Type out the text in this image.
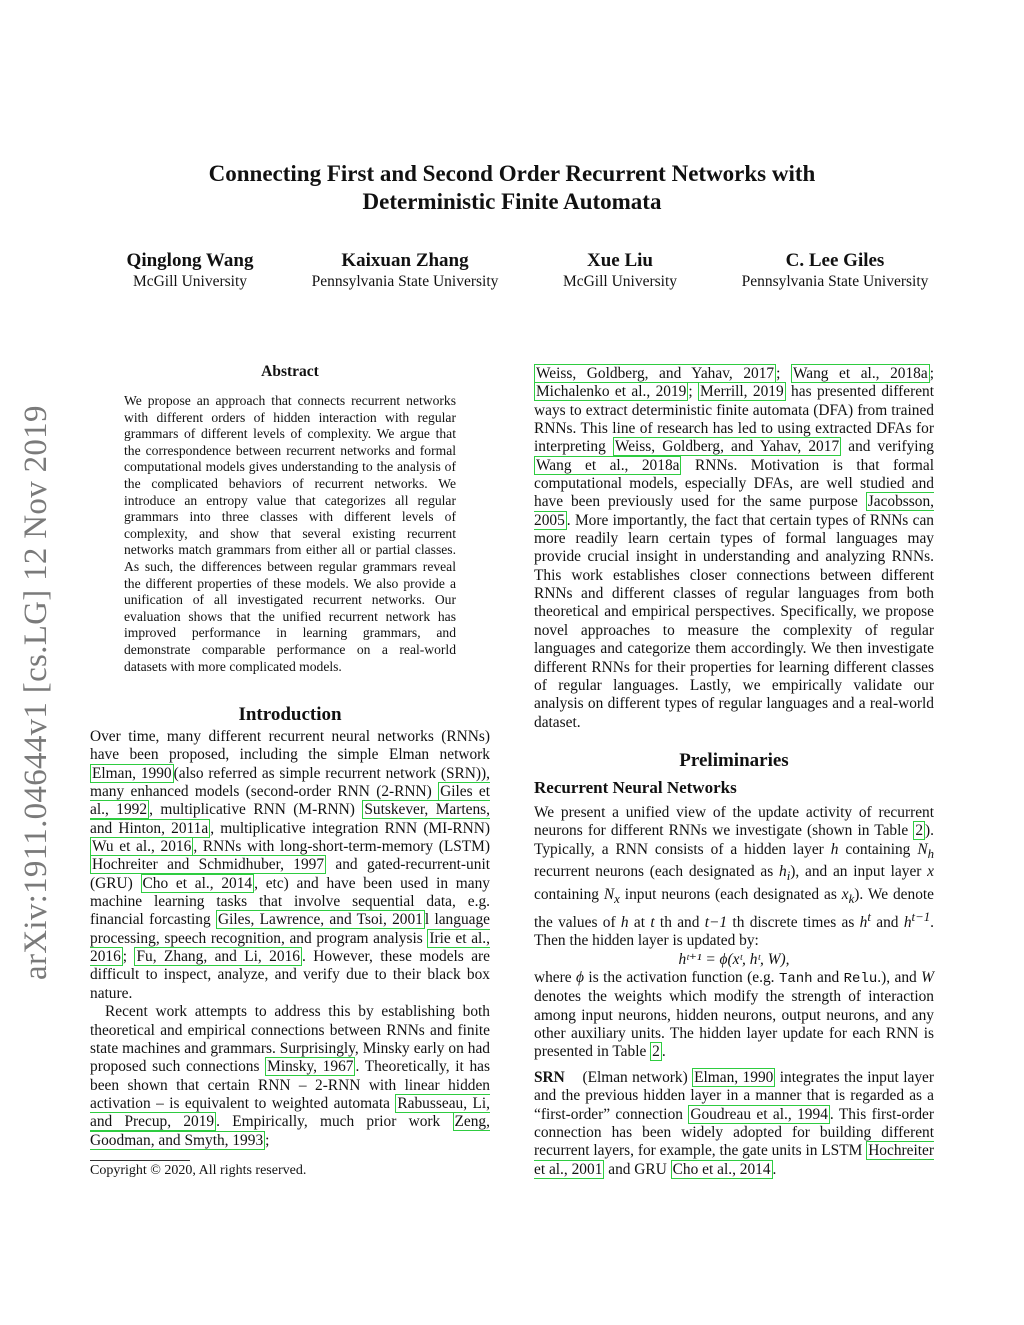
Connecting First and Second Order Recurrent Networks with
Deterministic Finite Automata
Qinglong Wang
McGill University
Kaixuan Zhang
Pennsylvania State University
Xue Liu
McGill University
C. Lee Giles
Pennsylvania State University
arXiv:1911.04644v1 [cs.LG] 12 Nov 2019
Abstract
We propose an approach that connects recurrent networks with different orders of hidden interaction with regular grammars of different levels of complexity. We argue that the correspondence between recurrent networks and formal computational models gives understanding to the analysis of the complicated behaviors of recurrent networks. We introduce an entropy value that categorizes all regular grammars into three classes with different levels of complexity, and show that several existing recurrent networks match grammars from either all or partial classes. As such, the differences between regular grammars reveal the different properties of these models. We also provide a unification of all investigated recurrent networks. Our evaluation shows that the unified recurrent network has improved performance in learning grammars, and demonstrate comparable performance on a real-world datasets with more complicated models.
Introduction

Over time, many different recurrent neural networks (RNNs) have been proposed, including the simple Elman network Elman, 1990 (also referred as simple recurrent network (SRN)), many enhanced models (second-order RNN (2-RNN) Giles et al., 1992 , multiplicative RNN (M-RNN) Sutskever, Martens, and Hinton, 2011a , multiplicative integration RNN (MI-RNN) Wu et al., 2016 , RNNs with long-short-term-memory (LSTM) Hochreiter and Schmidhuber, 1997 and gated-recurrent-unit (GRU) Cho et al., 2014 , etc) and have been used in many machine learning tasks that involve sequential data, e.g. financial forcasting Giles, Lawrence, and Tsoi, 2001 l language processing, speech recognition, and program analysis Irie et al., 2016 ; Fu, Zhang, and Li, 2016 . However, these models are difficult to inspect, analyze, and verify due to their black box nature.

Recent work attempts to address this by establishing both theoretical and empirical connections between RNNs and finite state machines and grammars. Surprisingly, Minsky early on had proposed such connections Minsky, 1967 . Theoretically, it has been shown that certain RNN – 2-RNN with linear hidden activation – is equivalent to weighted automata Rabusseau, Li, and Precup, 2019 . Empirically, much prior work Zeng, Goodman, and Smyth, 1993 ;

Copyright © 2020, All rights reserved.

Weiss, Goldberg, and Yahav, 2017 ; Wang et al., 2018a ; Michalenko et al., 2019 ; Merrill, 2019 has presented different ways to extract deterministic finite automata (DFA) from trained RNNs. This line of research has led to using extracted DFAs for interpreting Weiss, Goldberg, and Yahav, 2017 and verifying Wang et al., 2018a RNNs. Motivation is that formal computational models, especially DFAs, are well studied and have been previously used for the same purpose Jacobsson, 2005 . More importantly, the fact that certain types of RNNs can more readily learn certain types of formal languages may provide crucial insight in understanding and analyzing RNNs. This work establishes closer connections between different RNNs and different classes of regular languages from both theoretical and empirical perspectives. Specifically, we propose novel approaches to measure the complexity of regular languages and categorize them accordingly. We then investigate different RNNs for their properties for learning different classes of regular languages. Lastly, we empirically validate our analysis on different types of regular languages and a real-world dataset.

Preliminaries
Recurrent Neural Networks

We present a unified view of the update activity of recurrent neurons for different RNNs we investigate (shown in Table 2 ). Typically, a RNN consists of a hidden layer h containing $N_h$ recurrent neurons (each designated as $h_i$), and an input layer x containing $N_x$ input neurons (each designated as $x_k$). We denote the values of h at t th and t−1 th discrete times as $h^t$ and $h^{t-1}$. Then the hidden layer is updated by:

hᵗ⁺¹ = ϕ(xᵗ, hᵗ, W),

where ϕ is the activation function (e.g. Tanh and Relu.), and W denotes the weights which modify the strength of interaction among input neurons, hidden neurons, output neurons, and any other auxiliary units. The hidden layer update for each RNN is presented in Table 2 .

SRN (Elman network) Elman, 1990 integrates the input layer and the previous hidden layer in a manner that is regarded as a “first-order” connection Goudreau et al., 1994 . This first-order connection has been widely adopted for building different recurrent layers, for example, the gate units in LSTM Hochreiter et al., 2001 and GRU Cho et al., 2014 .
